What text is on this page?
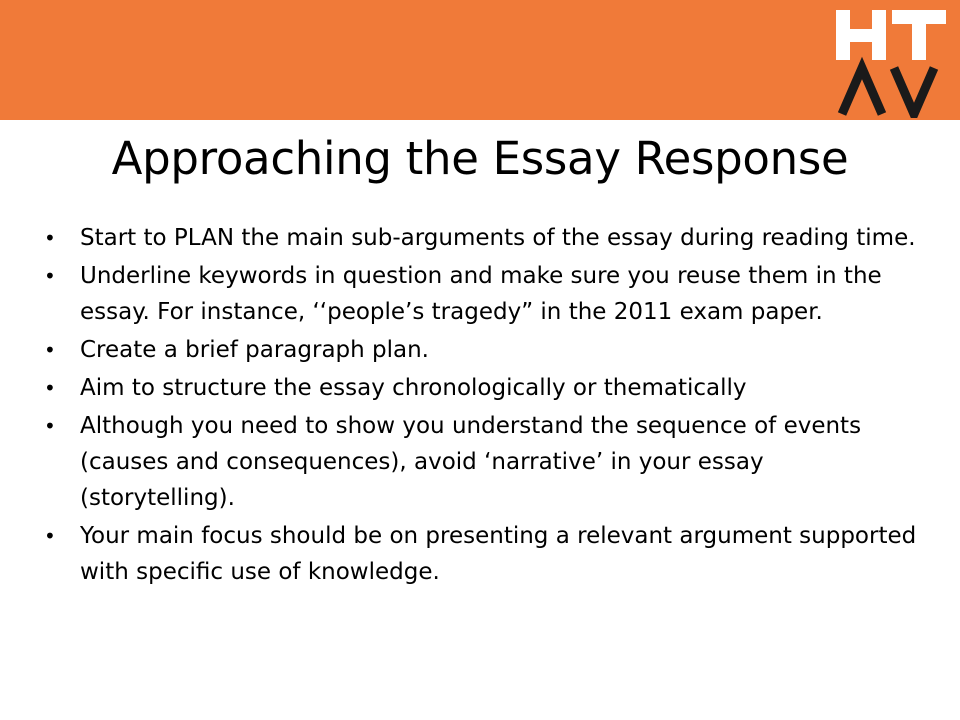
Approaching the Essay Response
• Start to PLAN the main sub-arguments of the essay during reading time.
• Underline keywords in question and make sure you reuse them in the essay. For instance, ‘‘people’s tragedy” in the 2011 exam paper.
• Create a brief paragraph plan.
• Aim to structure the essay chronologically or thematically
• Although you need to show you understand the sequence of events (causes and consequences), avoid ‘narrative’ in your essay (storytelling).
• Your main focus should be on presenting a relevant argument supported with specific use of knowledge.
